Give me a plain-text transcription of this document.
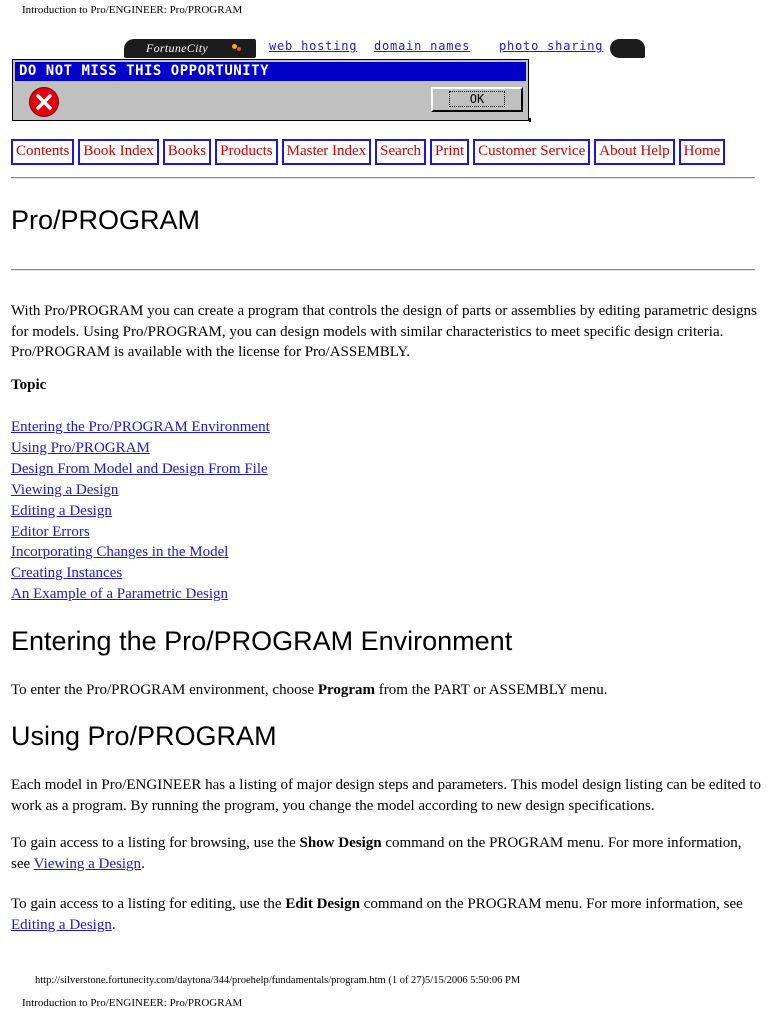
Introduction to Pro/ENGINEER: Pro/PROGRAM
FortuneCity	web hosting domain names photo sharing
DO NOT MISS THIS OPPORTUNITY
OK
Contents Book Index Books Products Master Index Search Print Customer Service About Help Home
Pro/PROGRAM

With Pro/PROGRAM you can create a program that controls the design of parts or assemblies by editing parametric designs for models. Using Pro/PROGRAM, you can design models with similar characteristics to meet specific design criteria. Pro/PROGRAM is available with the license for Pro/ASSEMBLY.

Topic
Entering the Pro/PROGRAM Environment
Using Pro/PROGRAM
Design From Model and Design From File
Viewing a Design
Editing a Design
Editor Errors
Incorporating Changes in the Model
Creating Instances
An Example of a Parametric Design
Entering the Pro/PROGRAM Environment

To enter the Pro/PROGRAM environment, choose Program from the PART or ASSEMBLY menu.

Using Pro/PROGRAM

Each model in Pro/ENGINEER has a listing of major design steps and parameters. This model design listing can be edited to work as a program. By running the program, you change the model according to new design specifications.

To gain access to a listing for browsing, use the Show Design command on the PROGRAM menu. For more information, see Viewing a Design.

To gain access to a listing for editing, use the Edit Design command on the PROGRAM menu. For more information, see Editing a Design.

http://silverstone.fortunecity.com/daytona/344/proehelp/fundamentals/program.htm (1 of 27)5/15/2006 5:50:06 PM
Introduction to Pro/ENGINEER: Pro/PROGRAM
